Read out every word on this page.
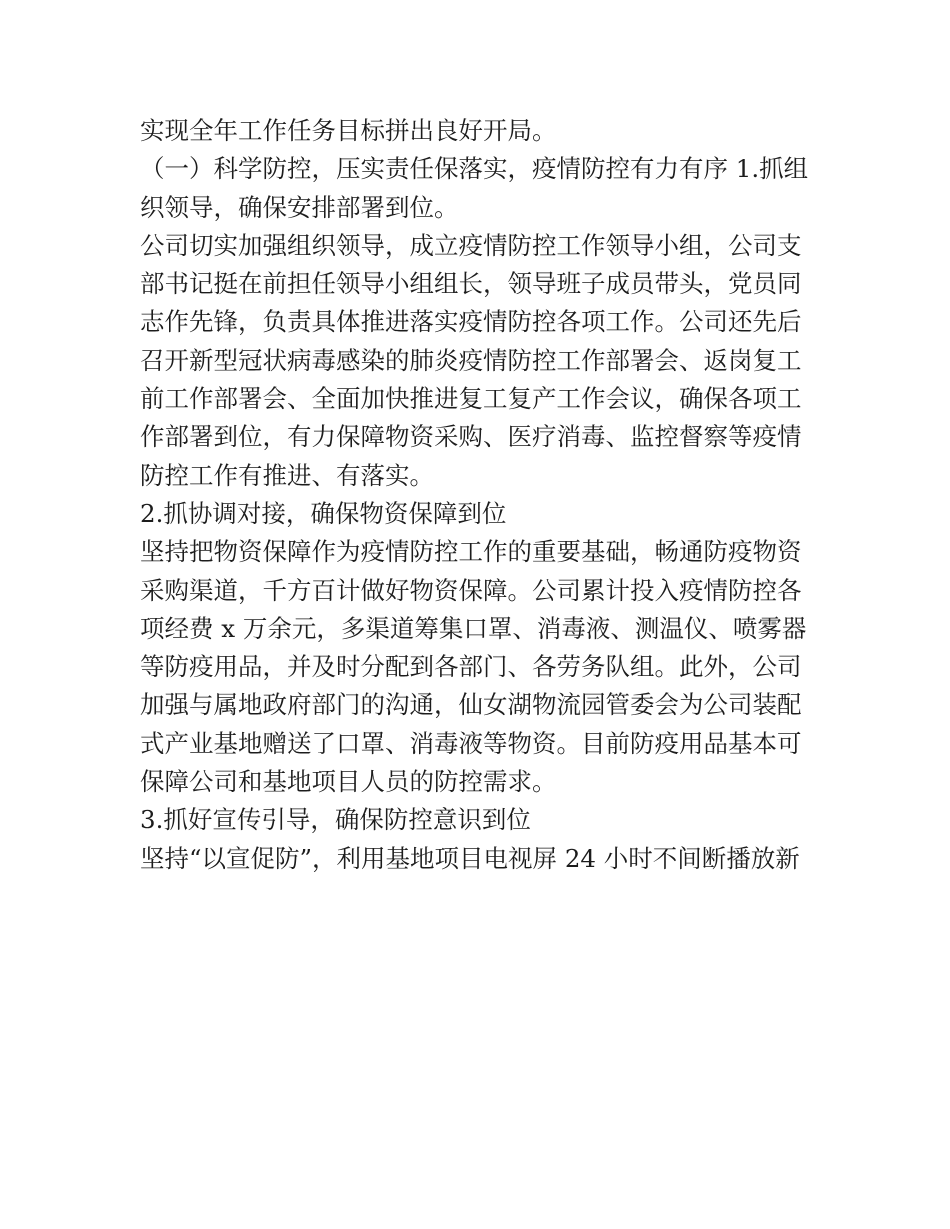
实现全年工作任务目标拼出良好开局。
（一）科学防控，压实责任保落实，疫情防控有力有序 1.抓组
织领导，确保安排部署到位。
公司切实加强组织领导，成立疫情防控工作领导小组，公司支
部书记挺在前担任领导小组组长，领导班子成员带头，党员同
志作先锋，负责具体推进落实疫情防控各项工作。公司还先后
召开新型冠状病毒感染的肺炎疫情防控工作部署会、返岗复工
前工作部署会、全面加快推进复工复产工作会议，确保各项工
作部署到位，有力保障物资采购、医疗消毒、监控督察等疫情
防控工作有推进、有落实。
2.抓协调对接，确保物资保障到位
坚持把物资保障作为疫情防控工作的重要基础，畅通防疫物资
采购渠道，千方百计做好物资保障。公司累计投入疫情防控各
项经费 x 万余元，多渠道筹集口罩、消毒液、测温仪、喷雾器
等防疫用品，并及时分配到各部门、各劳务队组。此外，公司
加强与属地政府部门的沟通，仙女湖物流园管委会为公司装配
式产业基地赠送了口罩、消毒液等物资。目前防疫用品基本可
保障公司和基地项目人员的防控需求。
3.抓好宣传引导，确保防控意识到位
坚持“以宣促防”，利用基地项目电视屏 24 小时不间断播放新
